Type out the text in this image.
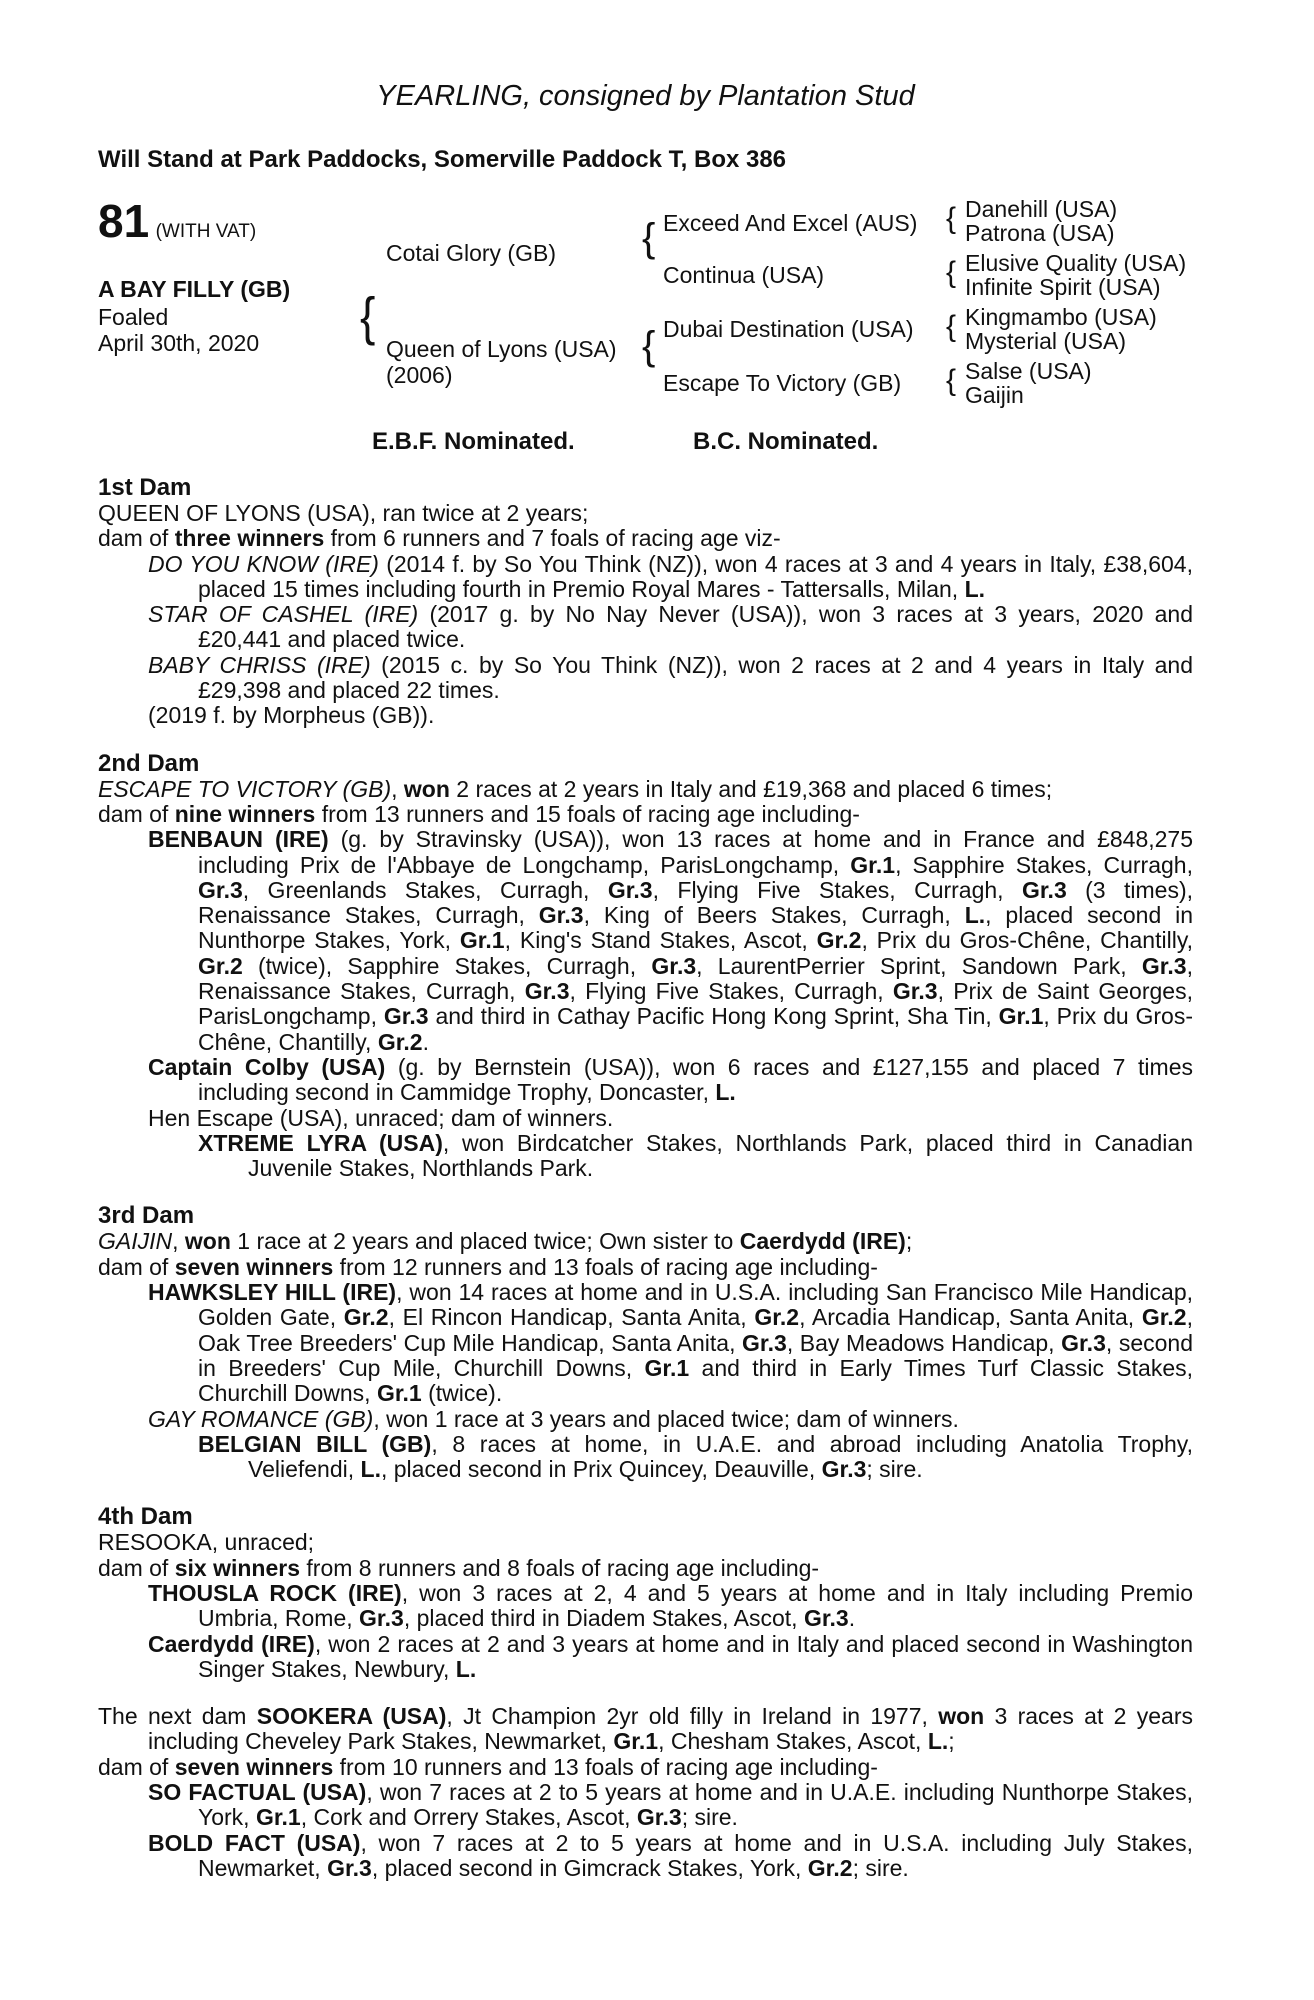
YEARLING, consigned by Plantation Stud
Will Stand at Park Paddocks, Somerville Paddock T, Box 386
81 (WITH VAT)
A BAY FILLY (GB)
Foaled
April 30th, 2020 {
Cotai Glory (GB)
Queen of Lyons (USA)
(2006)
{
{
Exceed And Excel (AUS)
Continua (USA)
Dubai Destination (USA)
Escape To Victory (GB)
{
{
{
{
Danehill (USA)
Patrona (USA)
Elusive Quality (USA)
Infinite Spirit (USA)
Kingmambo (USA)
Mysterial (USA)
Salse (USA)
Gaijin
E.B.F. Nominated.	B.C. Nominated.
1st Dam

QUEEN OF LYONS (USA), ran twice at 2 years;

dam of three winners from 6 runners and 7 foals of racing age viz-

DO YOU KNOW (IRE) (2014 f. by So You Think (NZ)), won 4 races at 3 and 4 years in Italy, £38,604, placed 15 times including fourth in Premio Royal Mares - Tattersalls, Milan, L.

STAR OF CASHEL (IRE) (2017 g. by No Nay Never (USA)), won 3 races at 3 years, 2020 and £20,441 and placed twice.

BABY CHRISS (IRE) (2015 c. by So You Think (NZ)), won 2 races at 2 and 4 years in Italy and £29,398 and placed 22 times.

(2019 f. by Morpheus (GB)).

2nd Dam

ESCAPE TO VICTORY (GB), won 2 races at 2 years in Italy and £19,368 and placed 6 times;

dam of nine winners from 13 runners and 15 foals of racing age including-

BENBAUN (IRE) (g. by Stravinsky (USA)), won 13 races at home and in France and £848,275 including Prix de l'Abbaye de Longchamp, ParisLongchamp, Gr.1, Sapphire Stakes, Curragh, Gr.3, Greenlands Stakes, Curragh, Gr.3, Flying Five Stakes, Curragh, Gr.3 (3 times), Renaissance Stakes, Curragh, Gr.3, King of Beers Stakes, Curragh, L., placed second in Nunthorpe Stakes, York, Gr.1, King's Stand Stakes, Ascot, Gr.2, Prix du Gros-Chêne, Chantilly, Gr.2 (twice), Sapphire Stakes, Curragh, Gr.3, LaurentPerrier Sprint, Sandown Park, Gr.3, Renaissance Stakes, Curragh, Gr.3, Flying Five Stakes, Curragh, Gr.3, Prix de Saint Georges, ParisLongchamp, Gr.3 and third in Cathay Pacific Hong Kong Sprint, Sha Tin, Gr.1, Prix du Gros-Chêne, Chantilly, Gr.2.

Captain Colby (USA) (g. by Bernstein (USA)), won 6 races and £127,155 and placed 7 times including second in Cammidge Trophy, Doncaster, L.

Hen Escape (USA), unraced; dam of winners.

XTREME LYRA (USA), won Birdcatcher Stakes, Northlands Park, placed third in Canadian Juvenile Stakes, Northlands Park.

3rd Dam

GAIJIN, won 1 race at 2 years and placed twice; Own sister to Caerdydd (IRE);

dam of seven winners from 12 runners and 13 foals of racing age including-

HAWKSLEY HILL (IRE), won 14 races at home and in U.S.A. including San Francisco Mile Handicap, Golden Gate, Gr.2, El Rincon Handicap, Santa Anita, Gr.2, Arcadia Handicap, Santa Anita, Gr.2, Oak Tree Breeders' Cup Mile Handicap, Santa Anita, Gr.3, Bay Meadows Handicap, Gr.3, second in Breeders' Cup Mile, Churchill Downs, Gr.1 and third in Early Times Turf Classic Stakes, Churchill Downs, Gr.1 (twice).

GAY ROMANCE (GB), won 1 race at 3 years and placed twice; dam of winners.

BELGIAN BILL (GB), 8 races at home, in U.A.E. and abroad including Anatolia Trophy, Veliefendi, L., placed second in Prix Quincey, Deauville, Gr.3; sire.

4th Dam

RESOOKA, unraced;

dam of six winners from 8 runners and 8 foals of racing age including-

THOUSLA ROCK (IRE), won 3 races at 2, 4 and 5 years at home and in Italy including Premio Umbria, Rome, Gr.3, placed third in Diadem Stakes, Ascot, Gr.3.

Caerdydd (IRE), won 2 races at 2 and 3 years at home and in Italy and placed second in Washington Singer Stakes, Newbury, L.

The next dam SOOKERA (USA), Jt Champion 2yr old filly in Ireland in 1977, won 3 races at 2 years including Cheveley Park Stakes, Newmarket, Gr.1, Chesham Stakes, Ascot, L.;

dam of seven winners from 10 runners and 13 foals of racing age including-

SO FACTUAL (USA), won 7 races at 2 to 5 years at home and in U.A.E. including Nunthorpe Stakes, York, Gr.1, Cork and Orrery Stakes, Ascot, Gr.3; sire.

BOLD FACT (USA), won 7 races at 2 to 5 years at home and in U.S.A. including July Stakes, Newmarket, Gr.3, placed second in Gimcrack Stakes, York, Gr.2; sire.
